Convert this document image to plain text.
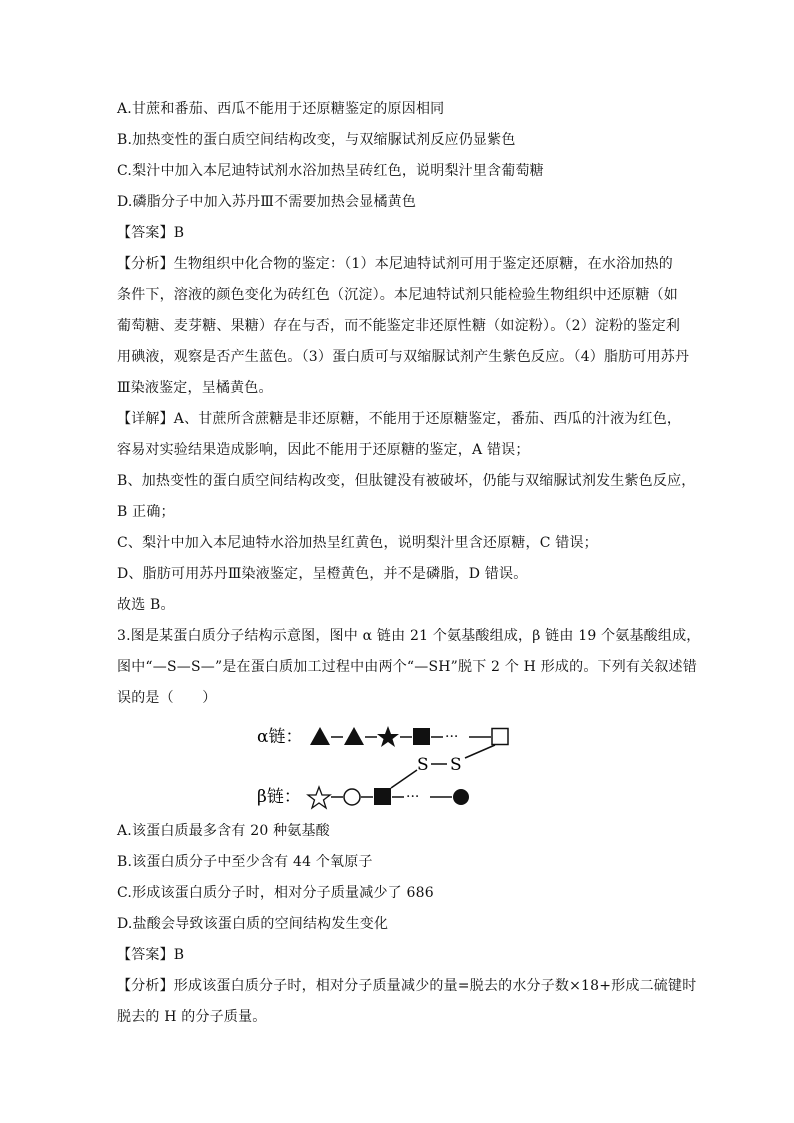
A.甘蔗和番茄、西瓜不能用于还原糖鉴定的原因相同
B.加热变性的蛋白质空间结构改变，与双缩脲试剂反应仍显紫色
C.梨汁中加入本尼迪特试剂水浴加热呈砖红色，说明梨汁里含葡萄糖
D.磷脂分子中加入苏丹Ⅲ不需要加热会显橘黄色
【答案】B
【分析】生物组织中化合物的鉴定：（1）本尼迪特试剂可用于鉴定还原糖，在水浴加热的
条件下，溶液的颜色变化为砖红色（沉淀）。本尼迪特试剂只能检验生物组织中还原糖（如
葡萄糖、麦芽糖、果糖）存在与否，而不能鉴定非还原性糖（如淀粉）。（2）淀粉的鉴定利
用碘液，观察是否产生蓝色。（3）蛋白质可与双缩脲试剂产生紫色反应。（4）脂肪可用苏丹
Ⅲ染液鉴定，呈橘黄色。
【详解】A、甘蔗所含蔗糖是非还原糖，不能用于还原糖鉴定，番茄、西瓜的汁液为红色，
容易对实验结果造成影响，因此不能用于还原糖的鉴定，A 错误；
B、加热变性的蛋白质空间结构改变，但肽键没有被破坏，仍能与双缩脲试剂发生紫色反应，
B 正确；
C、梨汁中加入本尼迪特水浴加热呈红黄色，说明梨汁里含还原糖，C 错误；
D、脂肪可用苏丹Ⅲ染液鉴定，呈橙黄色，并不是磷脂，D 错误。
故选 B。
3.图是某蛋白质分子结构示意图，图中 α 链由 21 个氨基酸组成，β 链由 19 个氨基酸组成，
图中“—S—S—”是在蛋白质加工过程中由两个“—SH”脱下 2 个 H 形成的。下列有关叙述错
误的是（　　）
α链：	···
S S
β链：	···
A.该蛋白质最多含有 20 种氨基酸
B.该蛋白质分子中至少含有 44 个氧原子
C.形成该蛋白质分子时，相对分子质量减少了 686
D.盐酸会导致该蛋白质的空间结构发生变化
【答案】B
【分析】形成该蛋白质分子时，相对分子质量减少的量=脱去的水分子数×18+形成二硫键时
脱去的 H 的分子质量。
